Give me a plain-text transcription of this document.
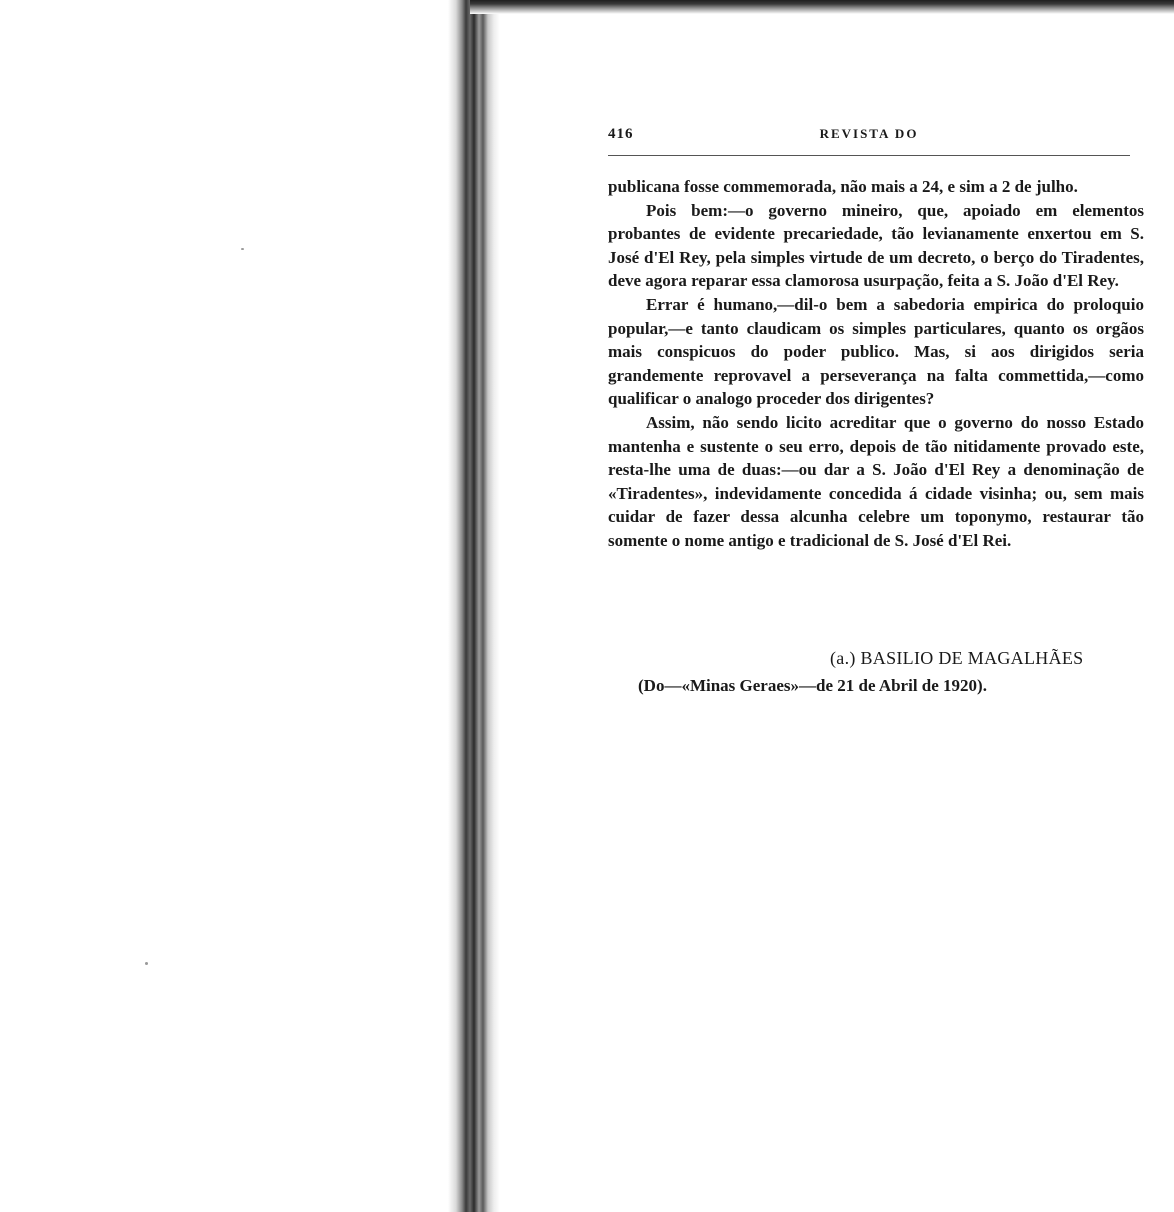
416	REVISTA DO

publicana fosse commemorada, não mais a 24, e sim a 2 de julho.

Pois bem:—o governo mineiro, que, apoiado em elementos probantes de evidente precariedade, tão levianamente enxertou em S. José d'El Rey, pela simples virtude de um decreto, o berço do Tiradentes, deve agora reparar essa clamorosa usurpação, feita a S. João d'El Rey.

Errar é humano,—dil-o bem a sabedoria empirica do proloquio popular,—e tanto claudicam os simples particulares, quanto os orgãos mais conspicuos do poder publico. Mas, si aos dirigidos seria grandemente reprovavel a perseverança na falta commettida,—como qualificar o analogo proceder dos dirigentes?

Assim, não sendo licito acreditar que o governo do nosso Estado mantenha e sustente o seu erro, depois de tão nitidamente provado este, resta-lhe uma de duas:—ou dar a S. João d'El Rey a denominação de «Tiradentes», indevidamente concedida á cidade visinha; ou, sem mais cuidar de fazer dessa alcunha celebre um toponymo, restaurar tão somente o nome antigo e tradicional de S. José d'El Rei.

(a.) BASILIO DE MAGALHÃES
(Do—«Minas Geraes»—de 21 de Abril de 1920).
